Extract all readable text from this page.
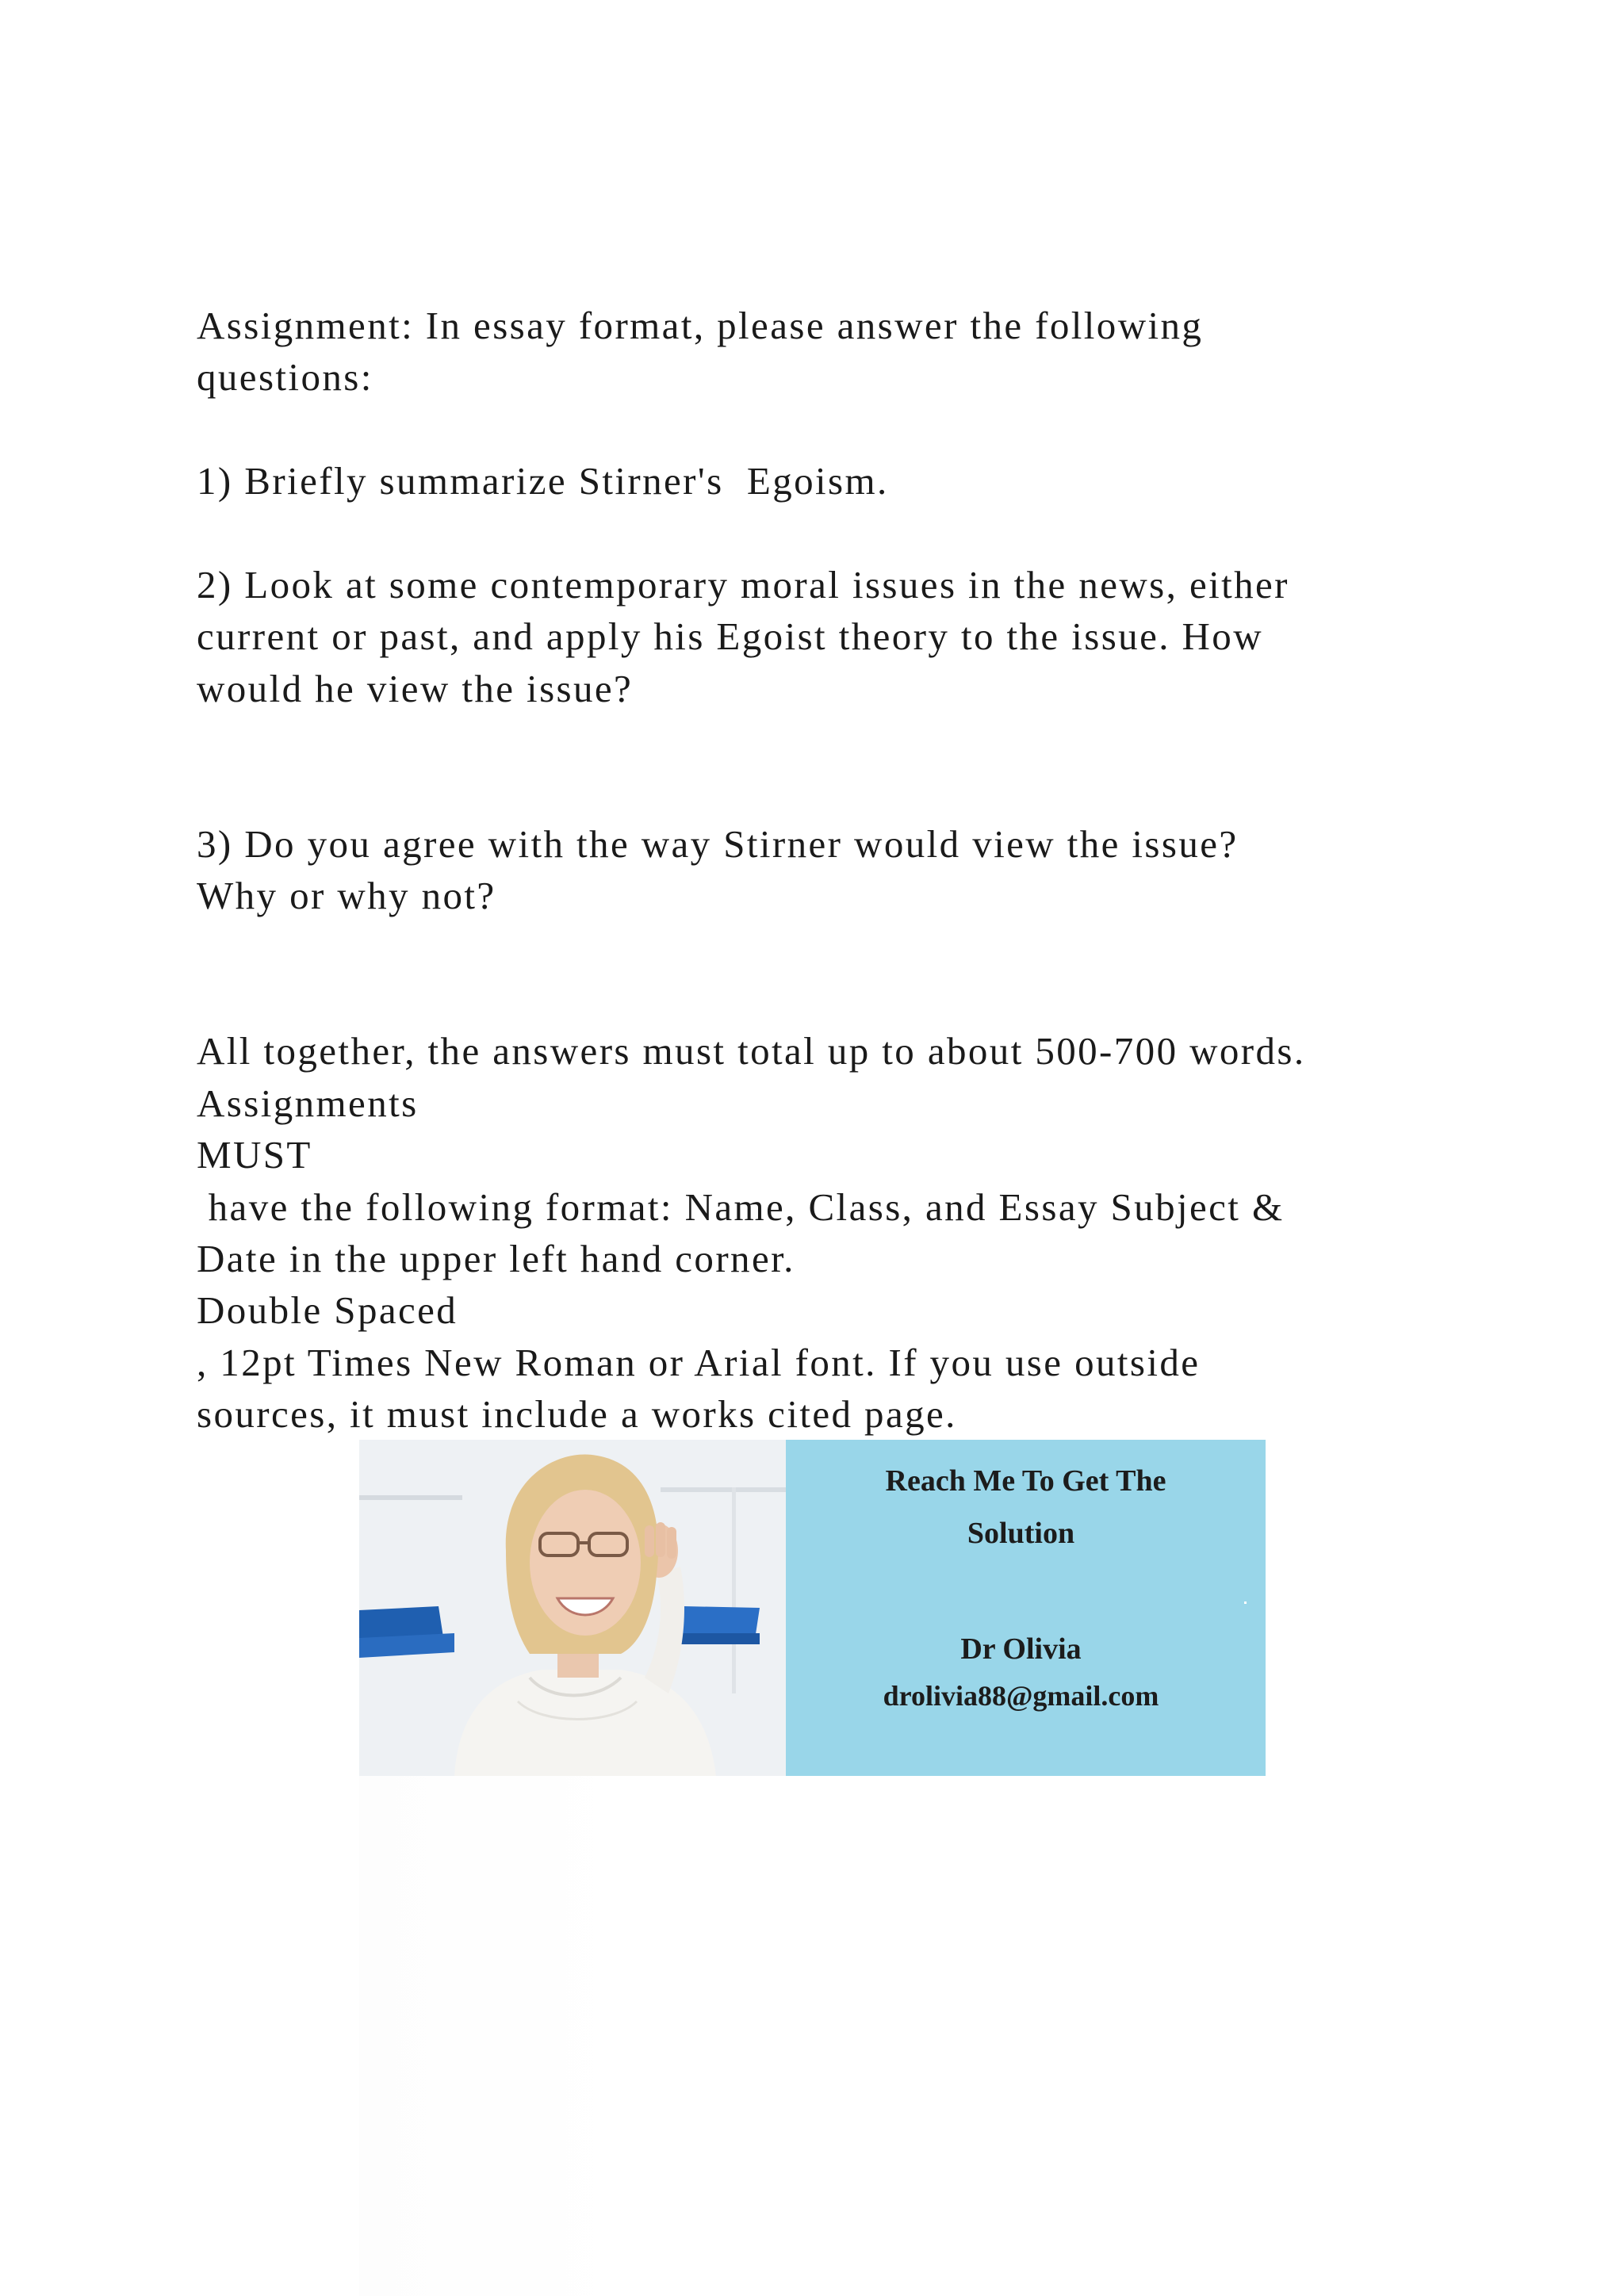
Assignment: In essay format, please answer the following
questions:
1) Briefly summarize Stirner's  Egoism.
2) Look at some contemporary moral issues in the news, either
current or past, and apply his Egoist theory to the issue. How
would he view the issue?
3) Do you agree with the way Stirner would view the issue?
Why or why not?
All together, the answers must total up to about 500-700 words.
Assignments
MUST
have the following format: Name, Class, and Essay Subject &
Date in the upper left hand corner.
Double Spaced
, 12pt Times New Roman or Arial font. If you use outside
sources, it must include a works cited page.
Reach Me To Get The
Solution
Dr Olivia
drolivia88@gmail.com
